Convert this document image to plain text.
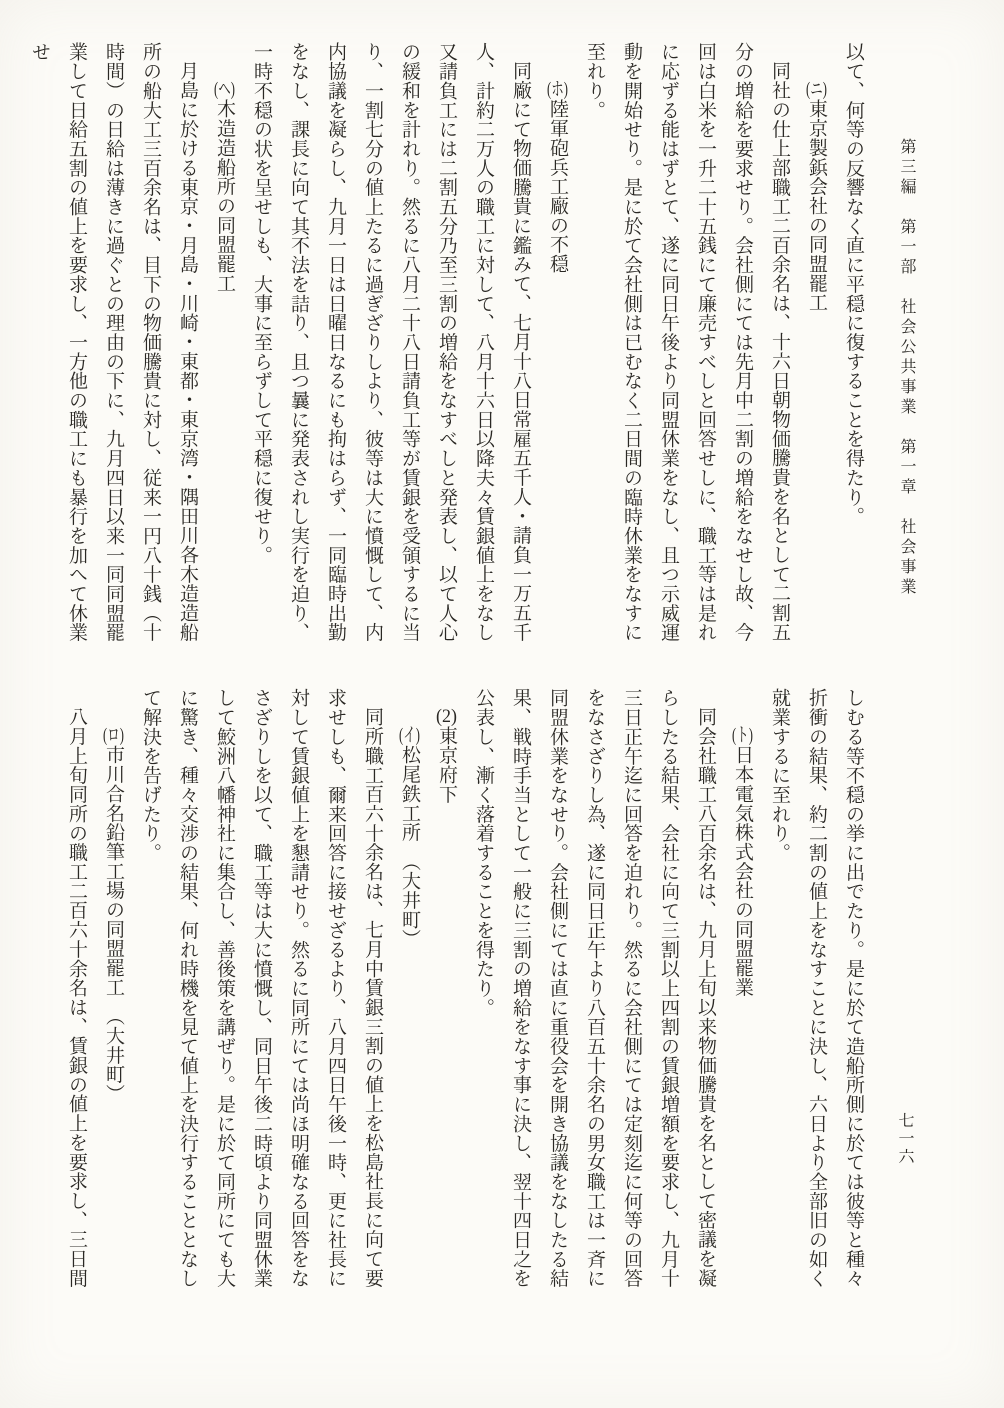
第三編　第一部　社会公共事業　第一章　社会事業
七一六

以て、何等の反響なく直に平穏に復することを得たり。

(ニ)東京製鋲会社の同盟罷工

同社の仕上部職工二百余名は、十六日朝物価騰貴を名として二割五分の増給を要求せり。会社側にては先月中二割の増給をなせし故、今回は白米を一升二十五銭にて廉売すべしと回答せしに、職工等は是れに応ずる能はずとて、遂に同日午後より同盟休業をなし、且つ示威運動を開始せり。是に於て会社側は已むなく二日間の臨時休業をなすに至れり。

(ホ)陸軍砲兵工廠の不穏

同廠にて物価騰貴に鑑みて、七月十八日常雇五千人・請負一万五千人、計約二万人の職工に対して、八月十六日以降夫々賃銀値上をなし又請負工には二割五分乃至三割の増給をなすべしと発表し、以て人心の緩和を計れり。然るに八月二十八日請負工等が賃銀を受領するに当り、一割七分の値上たるに過ぎざりしより、彼等は大に憤慨して、内内協議を凝らし、九月一日は日曜日なるにも拘はらず、一同臨時出勤をなし、課長に向て其不法を詰り、且つ曩に発表されし実行を迫り、一時不穏の状を呈せしも、大事に至らずして平穏に復せり。

(ヘ)木造造船所の同盟罷工

月島に於ける東京・月島・川崎・東都・東京湾・隅田川各木造造船所の船大工三百余名は、目下の物価騰貴に対し、従来一円八十銭（十時間）の日給は薄きに過ぐとの理由の下に、九月四日以来一同同盟罷業して日給五割の値上を要求し、一方他の職工にも暴行を加へて休業せ

しむる等不穏の挙に出でたり。是に於て造船所側に於ては彼等と種々折衝の結果、約二割の値上をなすことに決し、六日より全部旧の如く就業するに至れり。

(ト)日本電気株式会社の同盟罷業

同会社職工八百余名は、九月上旬以来物価騰貴を名として密議を凝らしたる結果、会社に向て三割以上四割の賃銀増額を要求し、九月十三日正午迄に回答を迫れり。然るに会社側にては定刻迄に何等の回答をなさざりし為、遂に同日正午より八百五十余名の男女職工は一斉に同盟休業をなせり。会社側にては直に重役会を開き協議をなしたる結果、戦時手当として一般に三割の増給をなす事に決し、翌十四日之を公表し、漸く落着することを得たり。

(2)東京府下

(イ)松尾鉄工所　（大井町）

同所職工百六十余名は、七月中賃銀三割の値上を松島社長に向て要求せしも、爾来回答に接せざるより、八月四日午後一時、更に社長に対して賃銀値上を懇請せり。然るに同所にては尚ほ明確なる回答をなさざりしを以て、職工等は大に憤慨し、同日午後二時頃より同盟休業して鮫洲八幡神社に集合し、善後策を講ぜり。是に於て同所にても大に驚き、種々交渉の結果、何れ時機を見て値上を決行することとなして解決を告げたり。

(ロ)市川合名鉛筆工場の同盟罷工　（大井町）

八月上旬同所の職工二百六十余名は、賃銀の値上を要求し、三日間
